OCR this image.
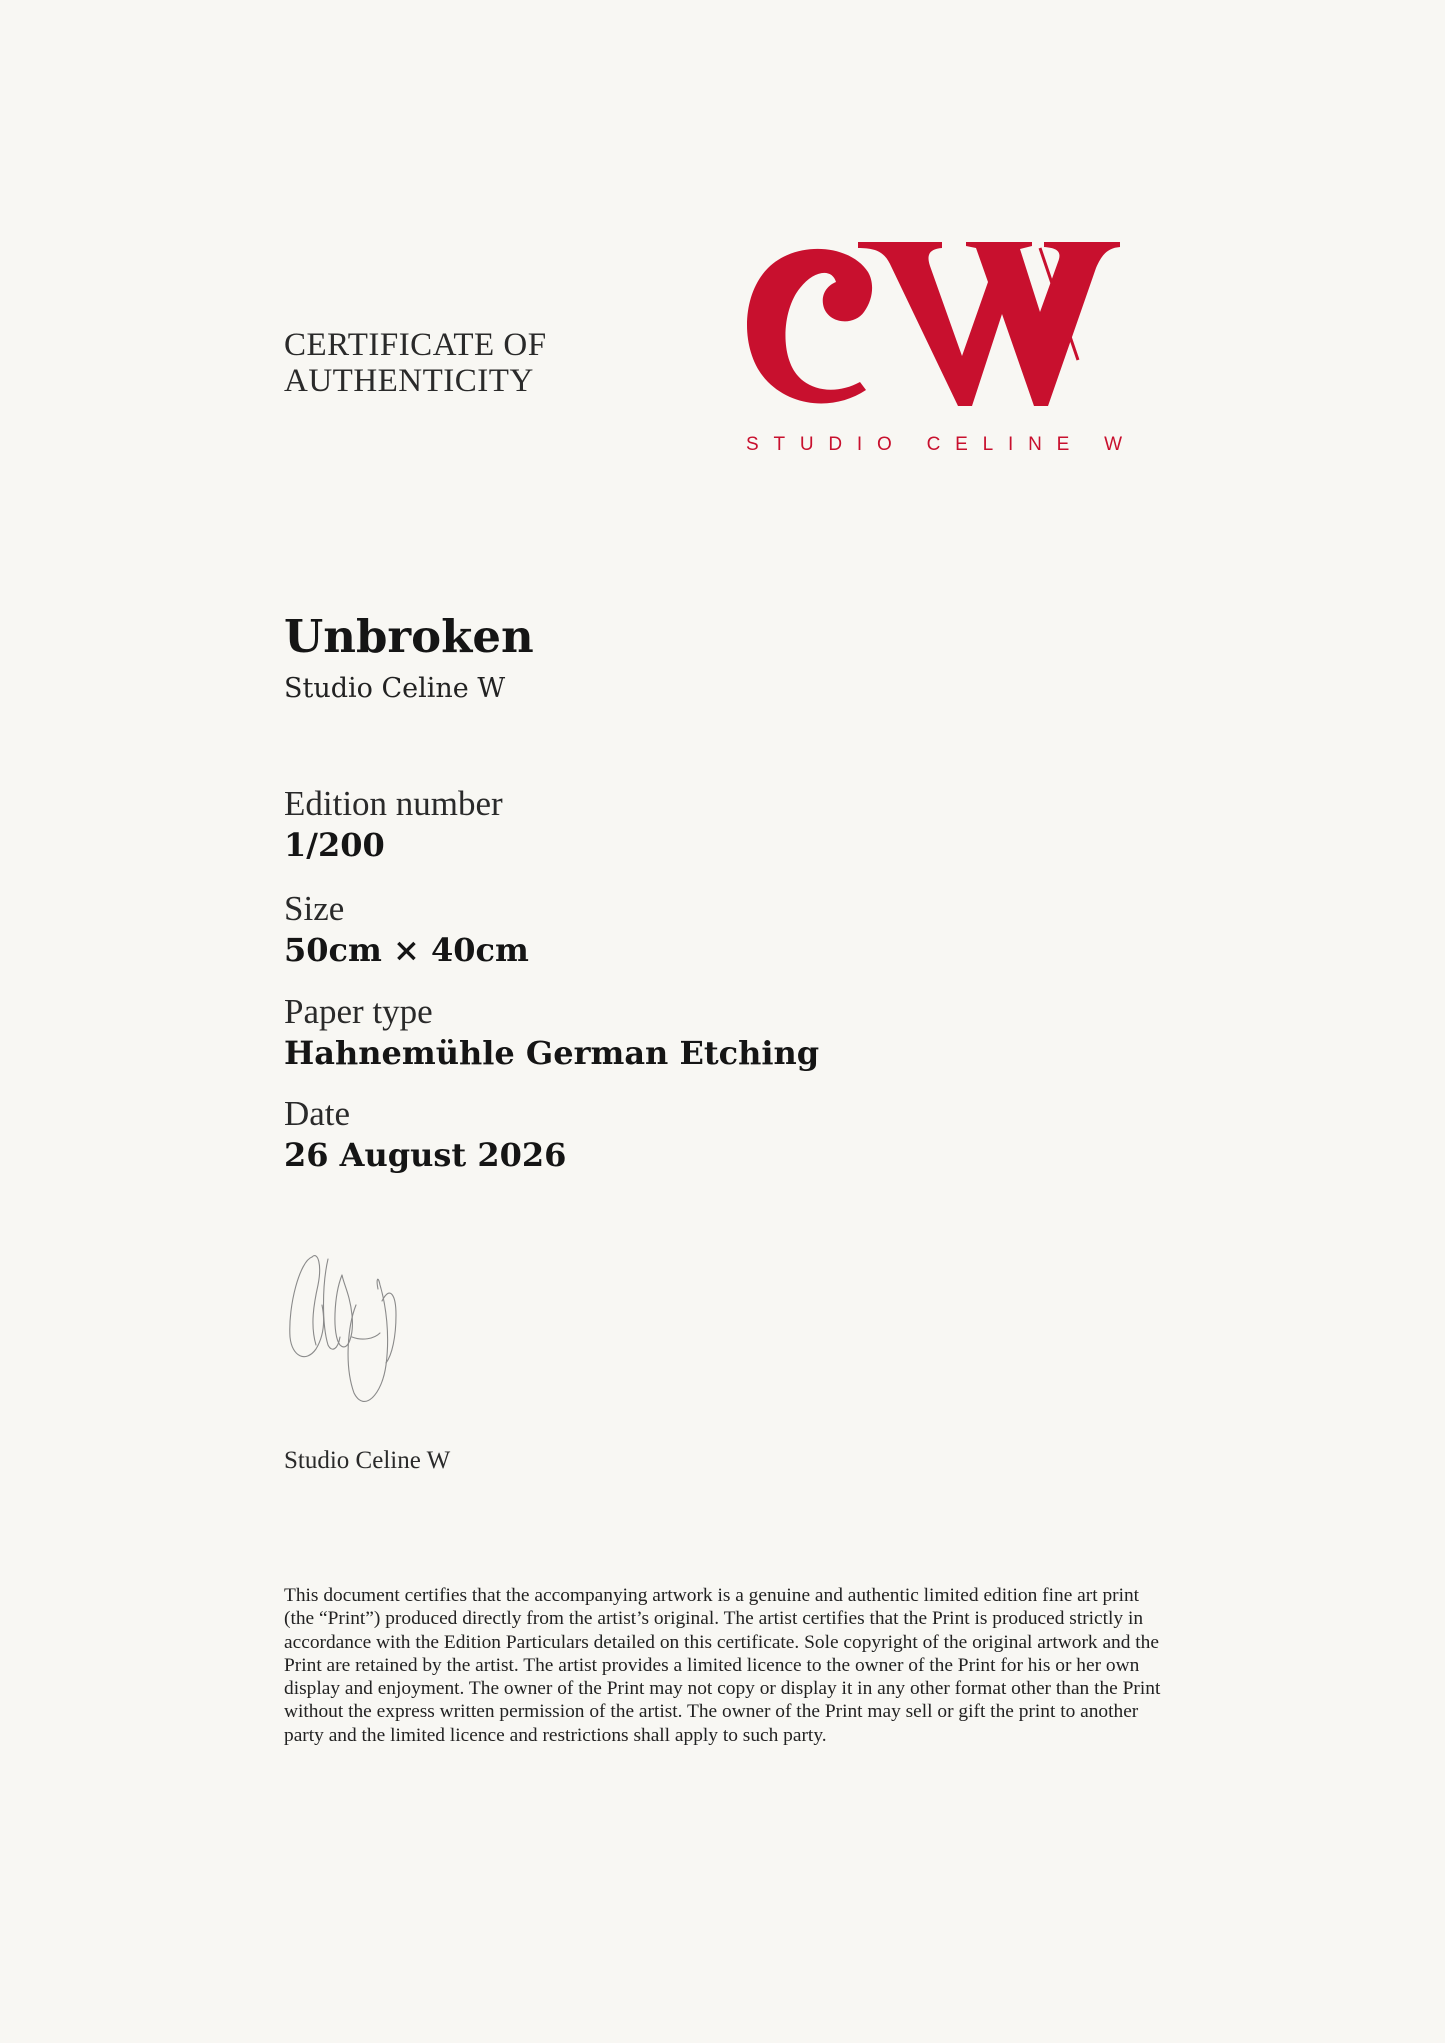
CERTIFICATE OF
AUTHENTICITY
STUDIO CELINE W
Unbroken
Studio Celine W
Edition number
1/200
Size
50cm × 40cm
Paper type
Hahnemühle German Etching
Date
26 August 2026
Studio Celine W
This document certifies that the accompanying artwork is a genuine and authentic limited edition fine art print (the “Print”) produced directly from the artist’s original. The artist certifies that the Print is produced strictly in accordance with the Edition Particulars detailed on this certificate. Sole copyright of the original artwork and the Print are retained by the artist. The artist provides a limited licence to the owner of the Print for his or her own display and enjoyment. The owner of the Print may not copy or display it in any other format other than the Print without the express written permission of the artist. The owner of the Print may sell or gift the print to another party and the limited licence and restrictions shall apply to such party.
